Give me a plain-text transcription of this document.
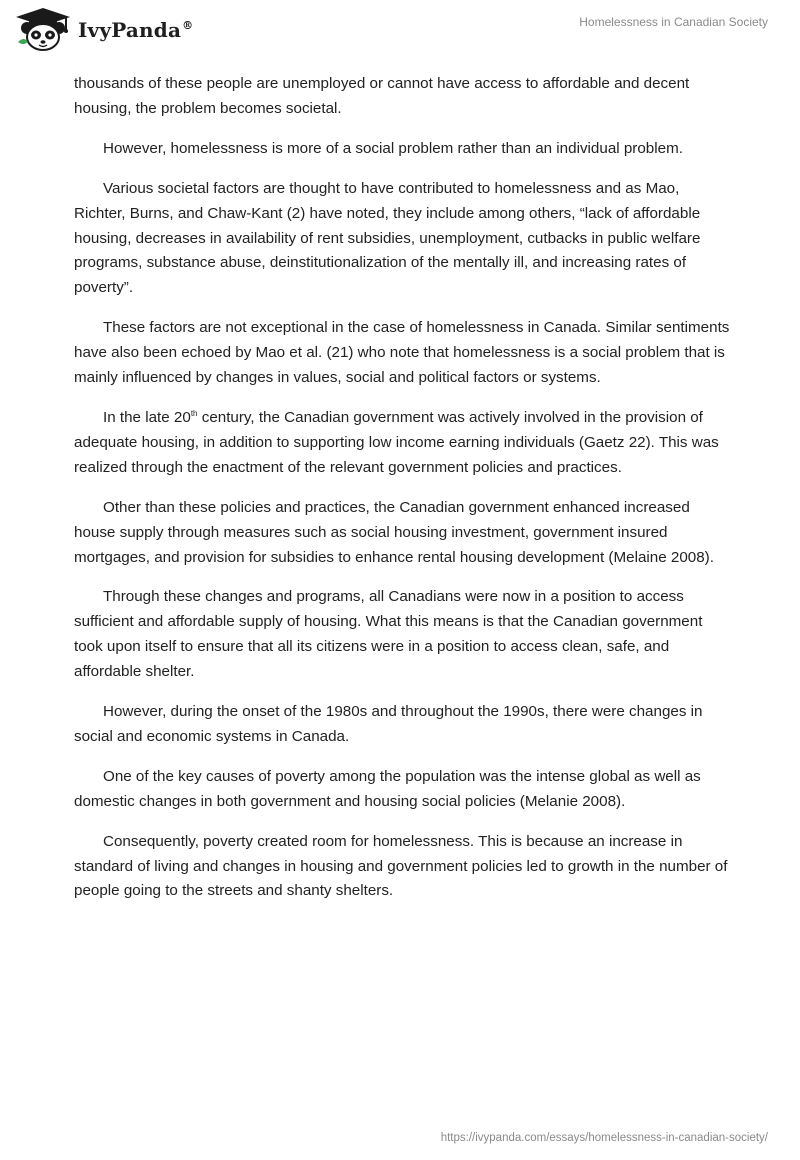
IvyPanda®	Homelessness in Canadian Society

thousands of these people are unemployed or cannot have access to affordable and decent housing, the problem becomes societal.

However, homelessness is more of a social problem rather than an individual problem.

Various societal factors are thought to have contributed to homelessness and as Mao, Richter, Burns, and Chaw-Kant (2) have noted, they include among others, “lack of affordable housing, decreases in availability of rent subsidies, unemployment, cutbacks in public welfare programs, substance abuse, deinstitutionalization of the mentally ill, and increasing rates of poverty”.

These factors are not exceptional in the case of homelessness in Canada. Similar sentiments have also been echoed by Mao et al. (21) who note that homelessness is a social problem that is mainly influenced by changes in values, social and political factors or systems.

In the late 20th century, the Canadian government was actively involved in the provision of adequate housing, in addition to supporting low income earning individuals (Gaetz 22). This was realized through the enactment of the relevant government policies and practices.

Other than these policies and practices, the Canadian government enhanced increased house supply through measures such as social housing investment, government insured mortgages, and provision for subsidies to enhance rental housing development (Melaine 2008).

Through these changes and programs, all Canadians were now in a position to access sufficient and affordable supply of housing. What this means is that the Canadian government took upon itself to ensure that all its citizens were in a position to access clean, safe, and affordable shelter.

However, during the onset of the 1980s and throughout the 1990s, there were changes in social and economic systems in Canada.

One of the key causes of poverty among the population was the intense global as well as domestic changes in both government and housing social policies (Melanie 2008).

Consequently, poverty created room for homelessness. This is because an increase in standard of living and changes in housing and government policies led to growth in the number of people going to the streets and shanty shelters.

https://ivypanda.com/essays/homelessness-in-canadian-society/
